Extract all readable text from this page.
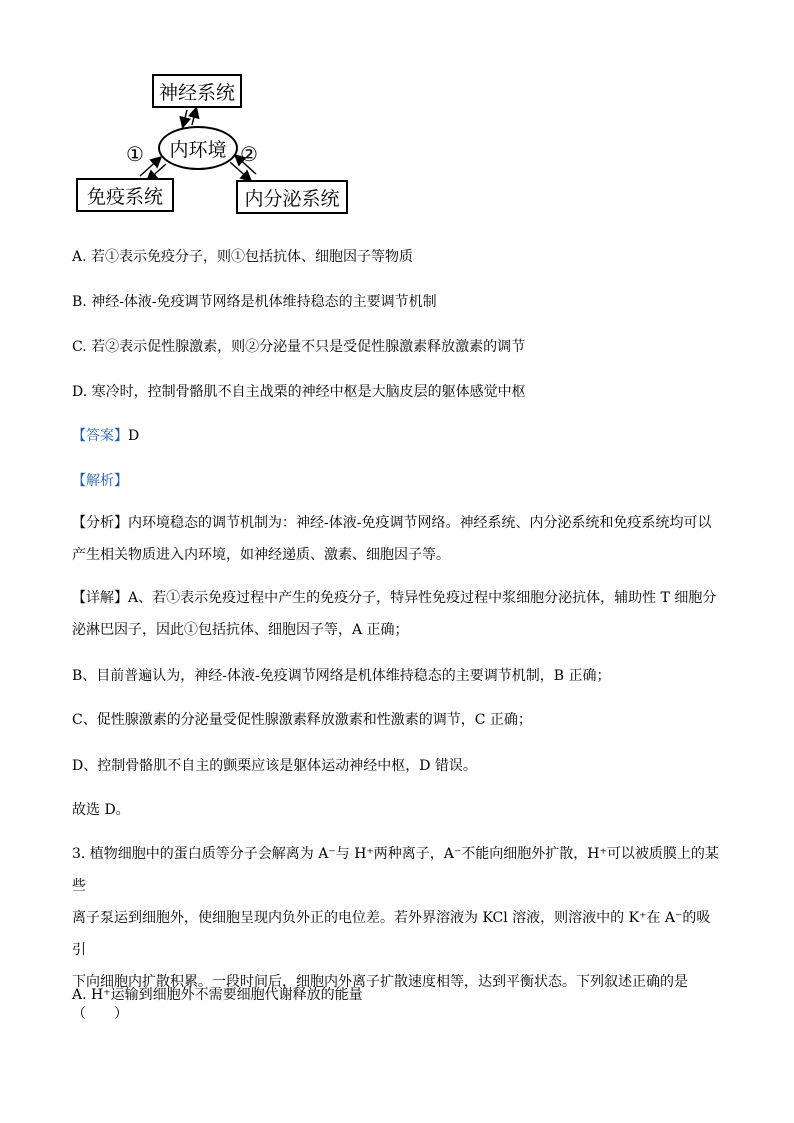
神经系统
内环境
免疫系统	内分泌系统
①	②
A. 若①表示免疫分子，则①包括抗体、细胞因子等物质
B. 神经-体液-免疫调节网络是机体维持稳态的主要调节机制
C. 若②表示促性腺激素，则②分泌量不只是受促性腺激素释放激素的调节
D. 寒冷时，控制骨骼肌不自主战栗的神经中枢是大脑皮层的躯体感觉中枢
【答案】D
【解析】
【分析】内环境稳态的调节机制为：神经-体液-免疫调节网络。神经系统、内分泌系统和免疫系统均可以
产生相关物质进入内环境，如神经递质、激素、细胞因子等。
【详解】A、若①表示免疫过程中产生的免疫分子，特异性免疫过程中浆细胞分泌抗体，辅助性 T 细胞分
泌淋巴因子，因此①包括抗体、细胞因子等，A 正确；
B、目前普遍认为，神经-体液-免疫调节网络是机体维持稳态的主要调节机制，B 正确；
C、促性腺激素的分泌量受促性腺激素释放激素和性激素的调节，C 正确；
D、控制骨骼肌不自主的颤栗应该是躯体运动神经中枢，D 错误。
故选 D。
3. 植物细胞中的蛋白质等分子会解离为 A⁻与 H⁺两种离子，A⁻不能向细胞外扩散，H⁺可以被质膜上的某些
离子泵运到细胞外，使细胞呈现内负外正的电位差。若外界溶液为 KCl 溶液，则溶液中的 K⁺在 A⁻的吸引
下向细胞内扩散积累。一段时间后，细胞内外离子扩散速度相等，达到平衡状态。下列叙述正确的是
（　　）
A. H⁺运输到细胞外不需要细胞代谢释放的能量
